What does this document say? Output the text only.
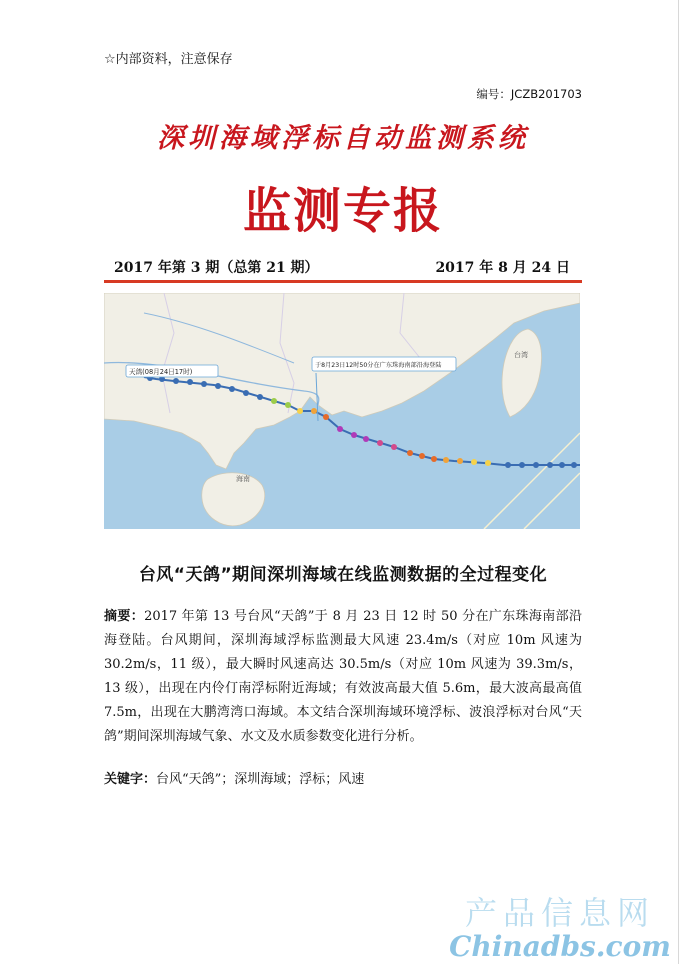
☆内部资料，注意保存
编号：JCZB201703
深圳海域浮标自动监测系统
监测专报
2017 年第 3 期（总第 21 期）	2017 年 8 月 24 日
海南
台湾
天鸽(08月24日17时)
于8月23日12时50分在广东珠海南部沿海登陆
台风“天鸽”期间深圳海域在线监测数据的全过程变化
摘要：2017 年第 13 号台风“天鸽”于 8 月 23 日 12 时 50 分在广东珠海南部沿海登陆。台风期间，深圳海域浮标监测最大风速 23.4m/s（对应 10m 风速为 30.2m/s，11 级），最大瞬时风速高达 30.5m/s（对应 10m 风速为 39.3m/s，13 级），出现在内伶仃南浮标附近海域；有效波高最大值 5.6m，最大波高最高值 7.5m，出现在大鹏湾湾口海域。本文结合深圳海域环境浮标、波浪浮标对台风“天鸽”期间深圳海域气象、水文及水质参数变化进行分析。
关键字：台风“天鸽”；深圳海域；浮标；风速
产品信息网
Chinadbs.com
